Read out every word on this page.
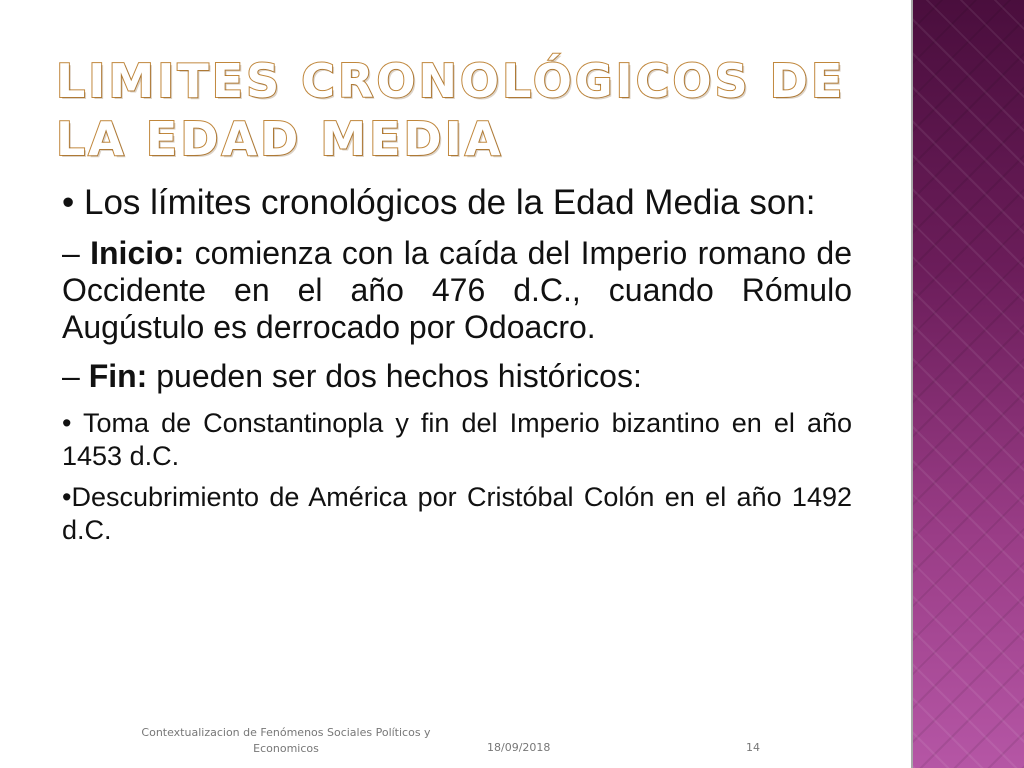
LIMITES CRONOLÓGICOS DE LA EDAD MEDIA

• Los límites cronológicos de la Edad Media son:

– Inicio: comienza con la caída del Imperio romano de Occidente en el año 476 d.C., cuando Rómulo Augústulo es derrocado por Odoacro.

– Fin: pueden ser dos hechos históricos:

• Toma de Constantinopla y fin del Imperio bizantino en el año 1453 d.C.

•Descubrimiento de América por Cristóbal Colón en el año 1492 d.C.

Contextualizacion de Fenómenos Sociales Políticos y Economicos	18/09/2018	14
